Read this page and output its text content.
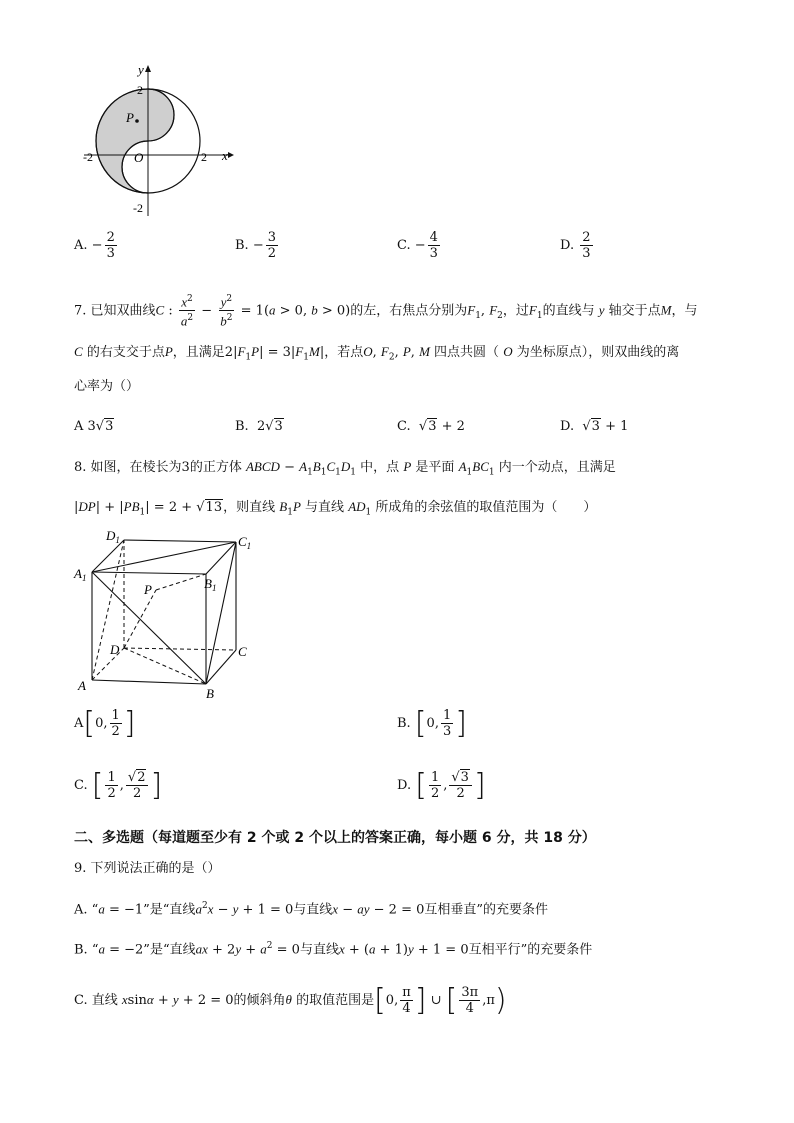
y
x
2
-2
-2	2
O
P
A. − $\frac{2}{3}$	B. − $\frac{3}{2}$	C. − $\frac{4}{3}$	D. $\frac{2}{3}$
7. 已知双曲线C : $\frac{x^2}{a^2} - \frac{y^2}{b^2} = 1(a > 0$, b > 0)的左，右焦点分别为$F_1$, $F_2$，过$F_1$的直线与 y 轴交于点M，与
C 的右支交于点P，且满足$2|F_1P| = 3|F_1M|$，若点O, $F_2$, P, M 四点共圆（ O 为坐标原点），则双曲线的离
心率为（）
A 3√3	B.  2√3	C. √3 + 2	D. √3 + 1
8. 如图，在棱长为3的正方体 ABCD − $A_1B_1C_1D_1$ 中，点 P 是平面 $A_1BC_1$ 内一个动点，且满足
$|DP| + |PB_1| = 2 + √13$，则直线 $B_1P$ 与直线 $AD_1$ 所成角的余弦值的取值范围为（　　）
$D_1$	$C_1$
$A_1$	$B_1$
P
D	C
A
B
A [ 0, $\frac{1}{2}$ ]	B. [ 0, $\frac{1}{3}$ ]
C. [ $\frac{1}{2}$ , $\frac{√2}{2}$ ]	D. [ $\frac{1}{2}$ , $\frac{√3}{2}$ ]
二、多选题（每道题至少有 2 个或 2 个以上的答案正确，每小题 6 分，共 18 分）
9. 下列说法正确的是（）
A. “a = −1”是“直线$a^2x - y + 1 = 0$与直线x − ay − 2 = 0互相垂直”的充要条件
B. “a = −2”是“直线ax + $2y + a^2 = 0$与直线x + (a + 1)y + 1 = 0互相平行”的充要条件
C. 直线 xsinα + y + 2 = 0的倾斜角θ 的取值范围是 [ 0, $\frac{\pi}{4}$ ] ∪ [ $\frac{3\pi}{4} ,\pi$ )
